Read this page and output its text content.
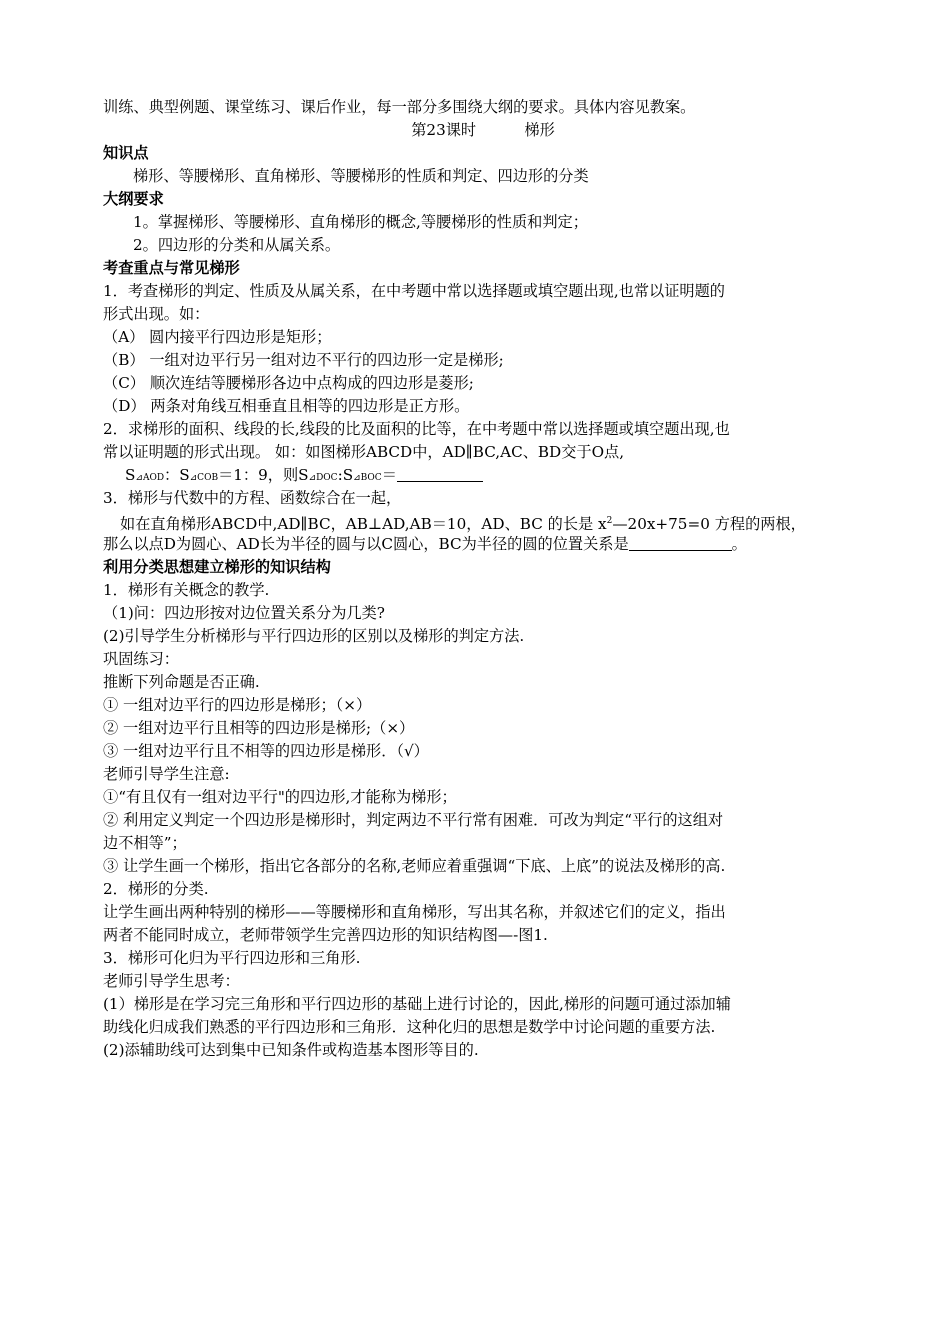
训练、典型例题、课堂练习、课后作业，每一部分多围绕大纲的要求。具体内容见教案。
第23课时          梯形
知识点
梯形、等腰梯形、直角梯形、等腰梯形的性质和判定、四边形的分类
大纲要求
1。掌握梯形、等腰梯形、直角梯形的概念,等腰梯形的性质和判定；
2。四边形的分类和从属关系。
考查重点与常见梯形
1．考查梯形的判定、性质及从属关系，在中考题中常以选择题或填空题出现,也常以证明题的
形式出现。如：
（A） 圆内接平行四边形是矩形；
（B） 一组对边平行另一组对边不平行的四边形一定是梯形;
（C） 顺次连结等腰梯形各边中点构成的四边形是菱形;
（D） 两条对角线互相垂直且相等的四边形是正方形。
2．求梯形的面积、线段的长,线段的比及面积的比等，在中考题中常以选择题或填空题出现,也
常以证明题的形式出现。 如：如图梯形ABCD中，AD∥BC,AC、BD交于O点,
S⊿AOD：S⊿COB＝1：9，则S⊿DOC:S⊿BOC＝
3．梯形与代数中的方程、函数综合在一起，
如在直角梯形ABCD中,AD∥BC，AB⊥AD,AB＝10，AD、BC 的长是 $x^2—20x+75=0$ 方程的两根，
那么以点D为圆心、AD长为半径的圆与以C圆心，BC为半径的圆的位置关系是	。
利用分类思想建立梯形的知识结构
1．梯形有关概念的教学.
（1)问：四边形按对边位置关系分为几类?
(2)引导学生分析梯形与平行四边形的区别以及梯形的判定方法.
巩固练习：
推断下列命题是否正确.
① 一组对边平行的四边形是梯形；（×）
② 一组对边平行且相等的四边形是梯形;（×）
③ 一组对边平行且不相等的四边形是梯形．（√）
老师引导学生注意:
①“有且仅有一组对边平行"的四边形,才能称为梯形；
② 利用定义判定一个四边形是梯形时，判定两边不平行常有困难．可改为判定“平行的这组对
边不相等”；
③ 让学生画一个梯形，指出它各部分的名称,老师应着重强调“下底、上底”的说法及梯形的高.
2．梯形的分类.
让学生画出两种特别的梯形——等腰梯形和直角梯形，写出其名称，并叙述它们的定义，指出
两者不能同时成立，老师带领学生完善四边形的知识结构图—-图1.
3．梯形可化归为平行四边形和三角形.
老师引导学生思考：
(1）梯形是在学习完三角形和平行四边形的基础上进行讨论的，因此,梯形的问题可通过添加辅
助线化归成我们熟悉的平行四边形和三角形．这种化归的思想是数学中讨论问题的重要方法.
(2)添辅助线可达到集中已知条件或构造基本图形等目的.
